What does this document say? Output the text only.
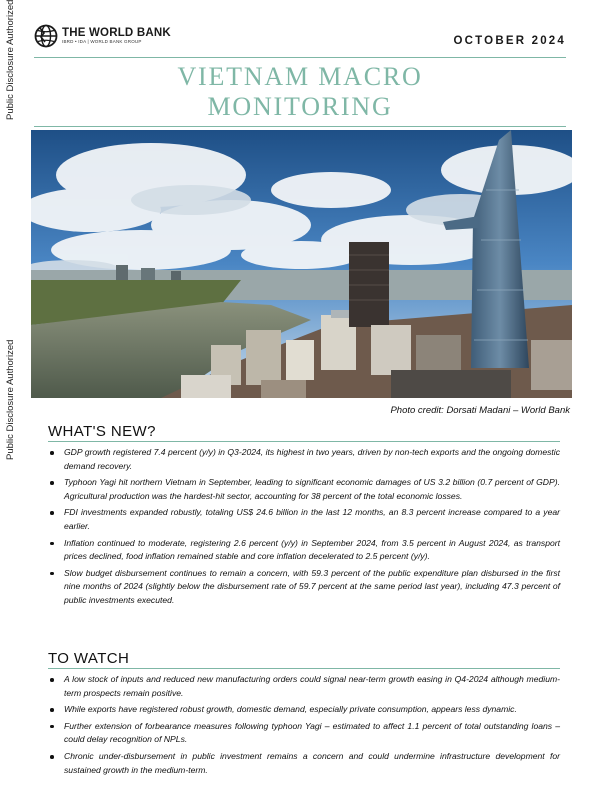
Public Disclosure Authorized
Public Disclosure Authorized
THE WORLD BANK
IBRD • IDA | WORLD BANK GROUP	OCTOBER 2024
VIETNAM MACRO
MONITORING
Photo credit: Dorsati Madani – World Bank
WHAT'S NEW?
GDP growth registered 7.4 percent (y/y) in Q3-2024, its highest in two years, driven by non-tech exports and the ongoing domestic demand recovery.
Typhoon Yagi hit northern Vietnam in September, leading to significant economic damages of US 3.2 billion (0.7 percent of GDP). Agricultural production was the hardest-hit sector, accounting for 38 percent of the total economic losses.
FDI investments expanded robustly, totaling US$ 24.6 billion in the last 12 months, an 8.3 percent increase compared to a year earlier.
Inflation continued to moderate, registering 2.6 percent (y/y) in September 2024, from 3.5 percent in August 2024, as transport prices declined, food inflation remained stable and core inflation decelerated to 2.5 percent (y/y).
Slow budget disbursement continues to remain a concern, with 59.3 percent of the public expenditure plan disbursed in the first nine months of 2024 (slightly below the disbursement rate of 59.7 percent at the same period last year), including 47.3 percent of public investments executed.
TO WATCH
A low stock of inputs and reduced new manufacturing orders could signal near-term growth easing in Q4-2024 although medium-term prospects remain positive.
While exports have registered robust growth, domestic demand, especially private consumption, appears less dynamic.
Further extension of forbearance measures following typhoon Yagi – estimated to affect 1.1 percent of total outstanding loans – could delay recognition of NPLs.
Chronic under-disbursement in public investment remains a concern and could undermine infrastructure development for sustained growth in the medium-term.
